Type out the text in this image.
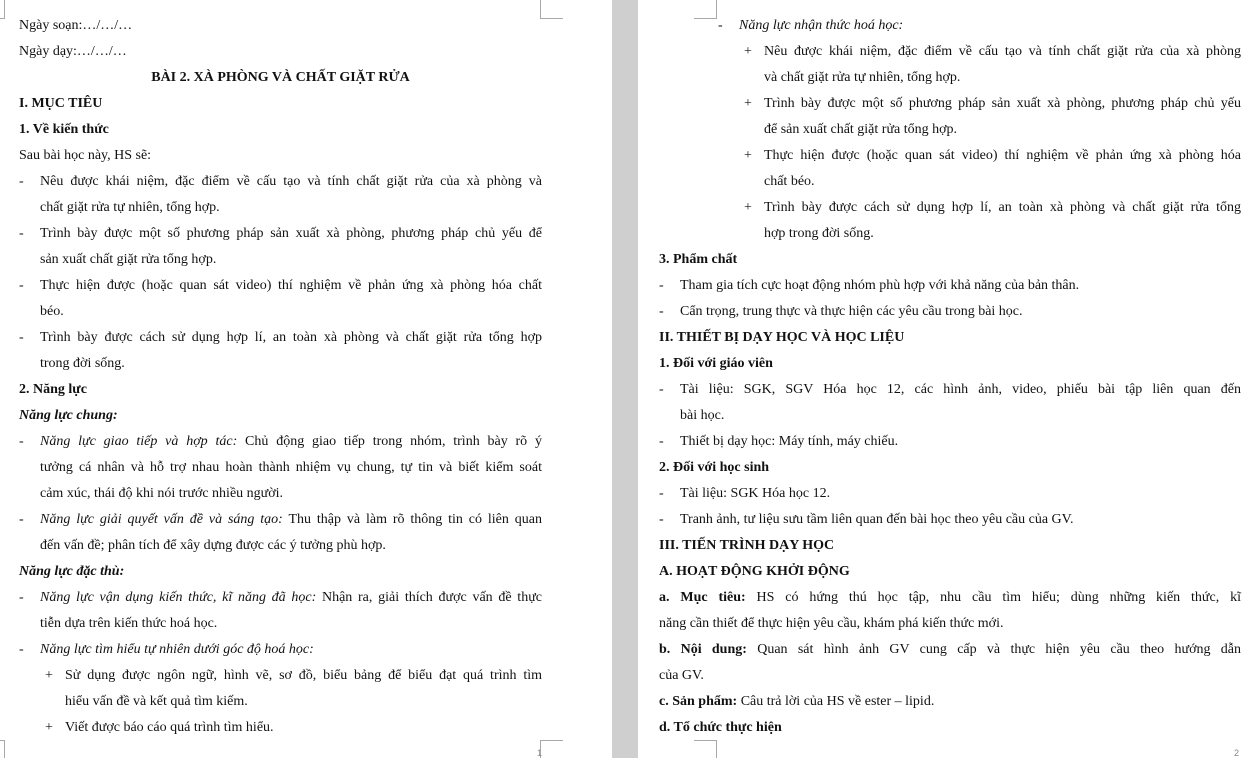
Ngày soạn:…/…/…
Ngày dạy:…/…/…
BÀI 2. XÀ PHÒNG VÀ CHẤT GIẶT RỬA
I. MỤC TIÊU
1. Về kiến thức
Sau bài học này, HS sẽ:
-	Nêu được khái niệm, đặc điểm về cấu tạo và tính chất giặt rửa của xà phòng và
chất giặt rửa tự nhiên, tổng hợp.
-	Trình bày được một số phương pháp sản xuất xà phòng, phương pháp chủ yếu để
sản xuất chất giặt rửa tổng hợp.
-	Thực hiện được (hoặc quan sát video) thí nghiệm về phản ứng xà phòng hóa chất
béo.
-	Trình bày được cách sử dụng hợp lí, an toàn xà phòng và chất giặt rửa tổng hợp
trong đời sống.
2. Năng lực
Năng lực chung:
-	Năng lực giao tiếp và hợp tác: Chủ động giao tiếp trong nhóm, trình bày rõ ý
tưởng cá nhân và hỗ trợ nhau hoàn thành nhiệm vụ chung, tự tin và biết kiểm soát
cảm xúc, thái độ khi nói trước nhiều người.
-	Năng lực giải quyết vấn đề và sáng tạo: Thu thập và làm rõ thông tin có liên quan
đến vấn đề; phân tích để xây dựng được các ý tưởng phù hợp.
Năng lực đặc thù:
-	Năng lực vận dụng kiến thức, kĩ năng đã học: Nhận ra, giải thích được vấn đề thực
tiễn dựa trên kiến thức hoá học.
-	Năng lực tìm hiểu tự nhiên dưới góc độ hoá học:
+ Sử dụng được ngôn ngữ, hình vẽ, sơ đồ, biểu bảng để biểu đạt quá trình tìm
hiểu vấn đề và kết quả tìm kiếm.
+ Viết được báo cáo quá trình tìm hiểu.
1
-	Năng lực nhận thức hoá học:
+ Nêu được khái niệm, đặc điểm về cấu tạo và tính chất giặt rửa của xà phòng
và chất giặt rửa tự nhiên, tổng hợp.
+ Trình bày được một số phương pháp sản xuất xà phòng, phương pháp chủ yếu
để sản xuất chất giặt rửa tổng hợp.
+ Thực hiện được (hoặc quan sát video) thí nghiệm về phản ứng xà phòng hóa
chất béo.
+ Trình bày được cách sử dụng hợp lí, an toàn xà phòng và chất giặt rửa tổng
hợp trong đời sống.
3. Phẩm chất
-	Tham gia tích cực hoạt động nhóm phù hợp với khả năng của bản thân.
-	Cẩn trọng, trung thực và thực hiện các yêu cầu trong bài học.
II. THIẾT BỊ DẠY HỌC VÀ HỌC LIỆU
1. Đối với giáo viên
-	Tài liệu: SGK, SGV Hóa học 12, các hình ảnh, video, phiếu bài tập liên quan đến
bài học.
-	Thiết bị dạy học: Máy tính, máy chiếu.
2. Đối với học sinh
-	Tài liệu: SGK Hóa học 12.
-	Tranh ảnh, tư liệu sưu tầm liên quan đến bài học theo yêu cầu của GV.
III. TIẾN TRÌNH DẠY HỌC
A. HOẠT ĐỘNG KHỞI ĐỘNG
a. Mục tiêu: HS có hứng thú học tập, nhu cầu tìm hiểu; dùng những kiến thức, kĩ
năng cần thiết để thực hiện yêu cầu, khám phá kiến thức mới.
b. Nội dung: Quan sát hình ảnh GV cung cấp và thực hiện yêu cầu theo hướng dẫn
của GV.
c. Sản phẩm: Câu trả lời của HS về ester – lipid.
d. Tổ chức thực hiện
2
